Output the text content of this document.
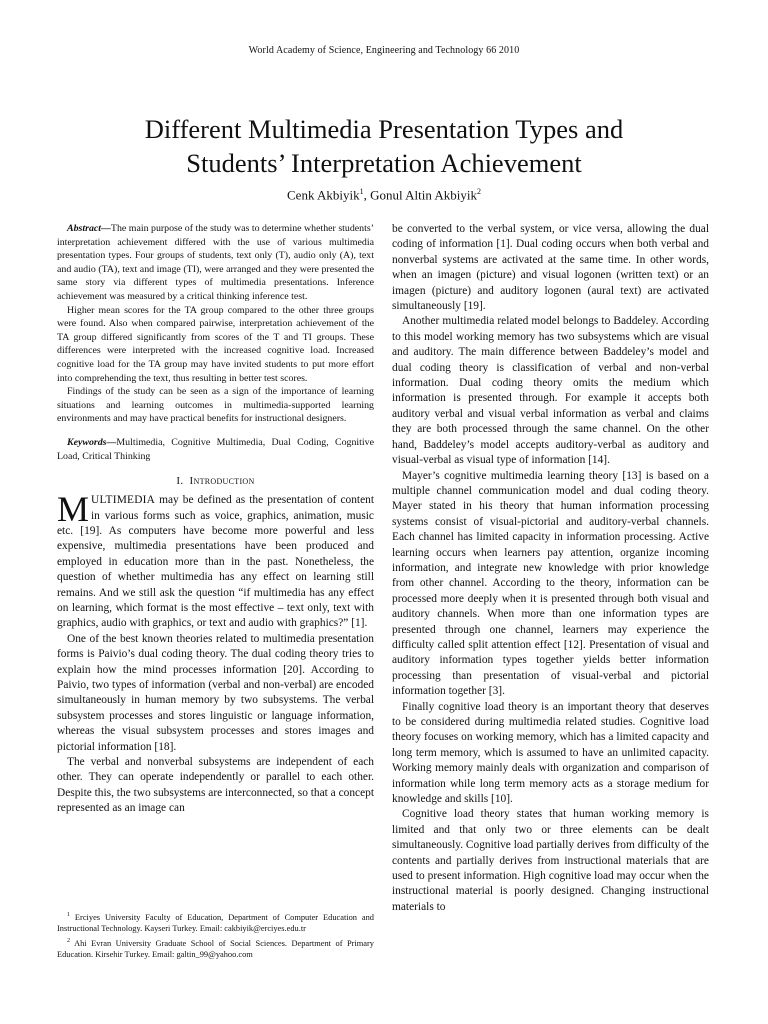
World Academy of Science, Engineering and Technology 66 2010
Different Multimedia Presentation Types and
Students’ Interpretation Achievement
Cenk Akbiyik$^1$, Gonul Altin Akbiyik$^2$

Abstract—The main purpose of the study was to determine whether students’ interpretation achievement differed with the use of various multimedia presentation types. Four groups of students, text only (T), audio only (A), text and audio (TA), text and image (TI), were arranged and they were presented the same story via different types of multimedia presentations. Inference achievement was measured by a critical thinking inference test.

Higher mean scores for the TA group compared to the other three groups were found. Also when compared pairwise, interpretation achievement of the TA group differed significantly from scores of the T and TI groups. These differences were interpreted with the increased cognitive load. Increased cognitive load for the TA group may have invited students to put more effort into comprehending the text, thus resulting in better test scores.

Findings of the study can be seen as a sign of the importance of learning situations and learning outcomes in multimedia-supported learning environments and may have practical benefits for instructional designers.

Keywords—Multimedia, Cognitive Multimedia, Dual Coding, Cognitive Load, Critical Thinking

I. Introduction

MULTIMEDIA may be defined as the presentation of content in various forms such as voice, graphics, animation, music etc. [19]. As computers have become more powerful and less expensive, multimedia presentations have been produced and employed in education more than in the past. Nonetheless, the question of whether multimedia has any effect on learning still remains. And we still ask the question “if multimedia has any effect on learning, which format is the most effective – text only, text with graphics, audio with graphics, or text and audio with graphics?” [1].

One of the best known theories related to multimedia presentation forms is Paivio’s dual coding theory. The dual coding theory tries to explain how the mind processes information [20]. According to Paivio, two types of information (verbal and non-verbal) are encoded simultaneously in human memory by two subsystems. The verbal subsystem processes and stores linguistic or language information, whereas the visual subsystem processes and stores images and pictorial information [18].

The verbal and nonverbal subsystems are independent of each other. They can operate independently or parallel to each other. Despite this, the two subsystems are interconnected, so that a concept represented as an image can

$^1$ Erciyes University Faculty of Education, Department of Computer Education and Instructional Technology. Kayseri Turkey. Email: cakbiyik@erciyes.edu.tr

$^2$ Ahi Evran University Graduate School of Social Sciences. Department of Primary Education. Kirsehir Turkey. Email: galtin_99@yahoo.com

be converted to the verbal system, or vice versa, allowing the dual coding of information [1]. Dual coding occurs when both verbal and nonverbal systems are activated at the same time. In other words, when an imagen (picture) and visual logonen (written text) or an imagen (picture) and auditory logonen (aural text) are activated simultaneously [19].

Another multimedia related model belongs to Baddeley. According to this model working memory has two subsystems which are visual and auditory. The main difference between Baddeley’s model and dual coding theory is classification of verbal and non-verbal information. Dual coding theory omits the medium which information is presented through. For example it accepts both auditory verbal and visual verbal information as verbal and claims they are both processed through the same channel. On the other hand, Baddeley’s model accepts auditory-verbal as auditory and visual-verbal as visual type of information [14].

Mayer’s cognitive multimedia learning theory [13] is based on a multiple channel communication model and dual coding theory. Mayer stated in his theory that human information processing systems consist of visual-pictorial and auditory-verbal channels. Each channel has limited capacity in information processing. Active learning occurs when learners pay attention, organize incoming information, and integrate new knowledge with prior knowledge from other channel. According to the theory, information can be processed more deeply when it is presented through both visual and auditory channels. When more than one information types are presented through one channel, learners may experience the difficulty called split attention effect [12]. Presentation of visual and auditory information types together yields better information processing than presentation of visual-verbal and pictorial information together [3].

Finally cognitive load theory is an important theory that deserves to be considered during multimedia related studies. Cognitive load theory focuses on working memory, which has a limited capacity and long term memory, which is assumed to have an unlimited capacity. Working memory mainly deals with organization and comparison of information while long term memory acts as a storage medium for knowledge and skills [10].

Cognitive load theory states that human working memory is limited and that only two or three elements can be dealt simultaneously. Cognitive load partially derives from difficulty of the contents and partially derives from instructional materials that are used to present information. High cognitive load may occur when the instructional material is poorly designed. Changing instructional materials to
